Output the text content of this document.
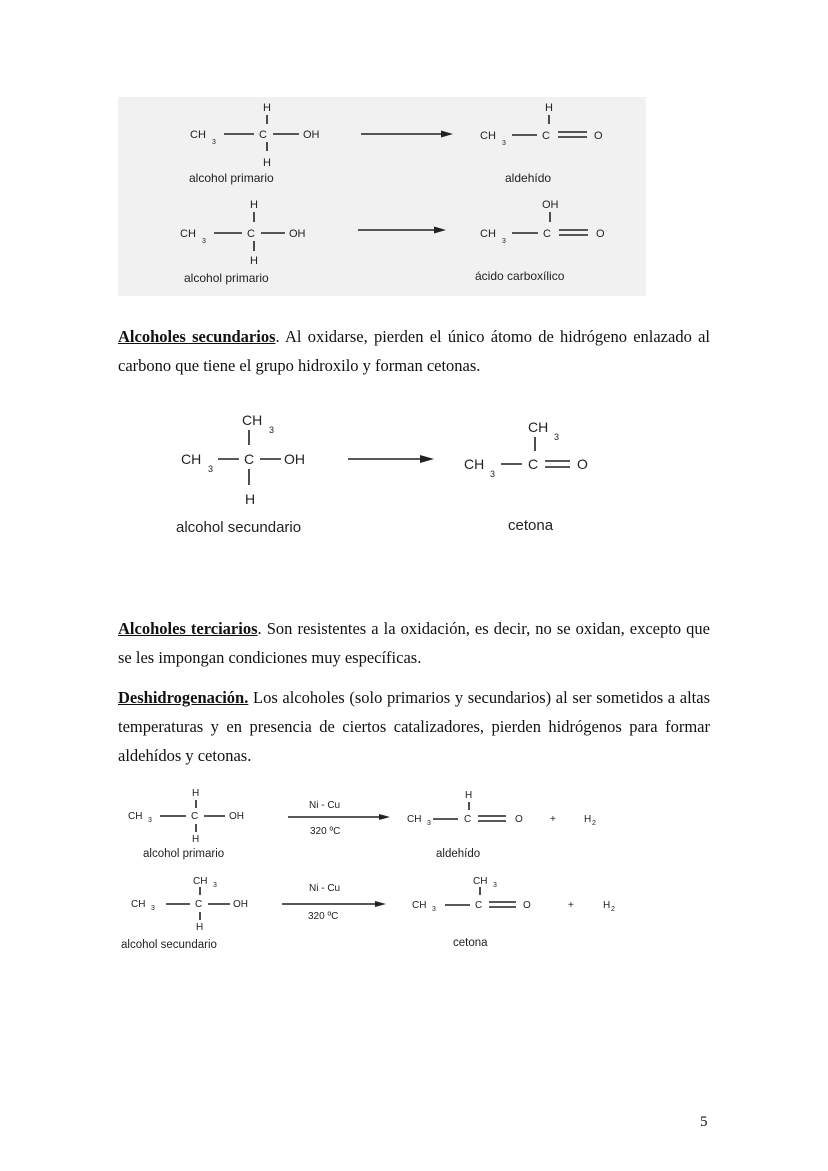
H
CH
3
C	OH
H
alcohol primario
H
CH
3
C	O
aldehído
H
CH
3
C	OH
H
alcohol primario
OH
CH
3
C	O
ácido carboxílico
Alcoholes secundarios. Al oxidarse, pierden el único átomo de hidrógeno enlazado al carbono que tiene el grupo hidroxilo y forman cetonas.
CH
3
CH
3
C OH
H
alcohol secundario
CH
3
CH
3
C	O
cetona
Alcoholes terciarios. Son resistentes a la oxidación, es decir, no se oxidan, excepto que se les impongan condiciones muy específicas.
Deshidrogenación. Los alcoholes (solo primarios y secundarios) al ser sometidos a altas temperaturas y en presencia de ciertos catalizadores, pierden hidrógenos para formar aldehídos y cetonas.
H
CH 3	C	OH
H
alcohol primario
Ni - Cu
320 ºC
H
CH 3	C	O	+	H 2
aldehído
CH 3
CH 3	C	OH
H
alcohol secundario
Ni - Cu
320 ºC
CH 3
CH 3	C	O	+	H 2
cetona
5
